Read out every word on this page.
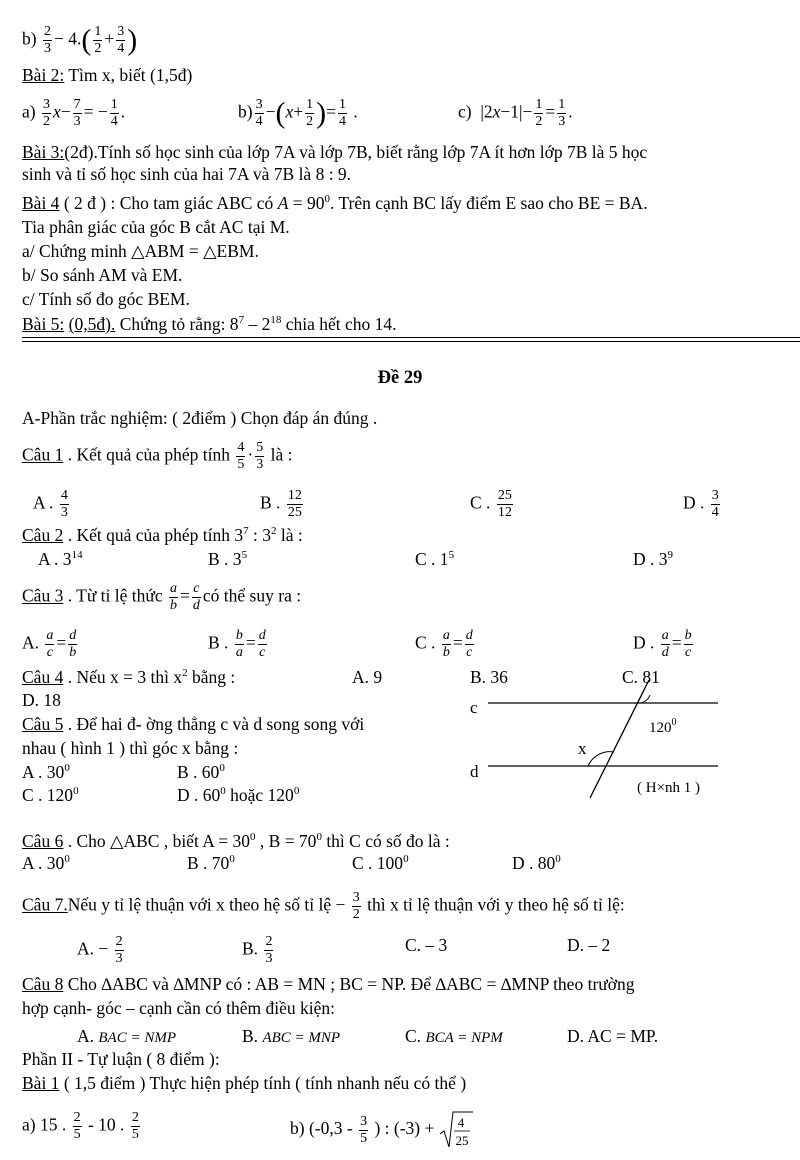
$b) \frac{2}{3} - 4.( \frac{1}{2} + \frac{3}{4}$ )
Bài 2: Tìm x, biết (1,5đ)
$a) \frac{3}{2} x- \frac{7}{3}$ = − $\frac{1}{4}$ .	$b) \frac{3}{4} -(x+ \frac{1}{2}$ )= $\frac{1}{4}$ .	c)  $|2x-1|- \frac{1}{2} = \frac{1}{3}$ .
Bài 3:(2đ).Tính số học sinh của lớp 7A và lớp 7B, biết rằng lớp 7A ít hơn lớp 7B là 5 học
sinh và tỉ số học sinh của hai 7A và 7B là 8 : 9.
Bài 4 ( 2 đ ) : Cho tam giác ABC có $A = 90^0$. Trên cạnh BC lấy điểm E sao cho BE = BA.
Tia phân giác của góc B cắt AC tại M.
a/ Chứng minh △ABM = △EBM.
b/ So sánh AM và EM.
c/ Tính số đo góc BEM.
Bài 5: (0,5đ). Chứng tỏ rằng: $8^7 - 2^{18}$ chia hết cho 14.
Đề 29
A-Phần trắc nghiệm: ( 2điểm ) Chọn đáp án đúng .
Câu 1 . Kết quả của phép tính $\frac{4}{5} \cdot \frac{5}{3}$ là :
A . $\frac{4}{3}$	B . $\frac{12}{25}$	C . $\frac{25}{12}$	D . $\frac{3}{4}$
Câu 2 . Kết quả của phép tính $3^7$ : $3^2$ là :
A . $3^{14}$	B . $3^5$	C . $1^5$	D . $3^9$
Câu 3 . Từ tỉ lệ thức $\frac{a}{b} = \frac{c}{d}$ có thể suy ra :
A. $\frac{a}{c} = \frac{d}{b}$	B . $\frac{b}{a} = \frac{d}{c}$	C . $\frac{a}{b} = \frac{d}{c}$	D . $\frac{a}{d} = \frac{b}{c}$
Câu 4 . Nếu x = 3 thì $x^2$ bằng :	A. 9	B. 36	C. 81
D. 18
Câu 5 . Để hai đ- ờng thẳng c và d song song với
nhau ( hình 1 ) thì góc x bằng :
A . $30^0$	B . $60^0$
C . $120^0$	D . $60^0$ hoặc $120^0$
c
d
x
$120^0$
( H×nh 1 )
Câu 6 . Cho △ABC , biết $A = 30^0$ , $B = 70^0$ thì C có số đo là :
A . $30^0$	B . $70^0$	C . $100^0$	D . $80^0$
Câu 7.Nếu y tỉ lệ thuận với x theo hệ số tỉ lệ − $\frac{3}{2}$ thì x tỉ lệ thuận với y theo hệ số tỉ lệ:
A. − $\frac{2}{3}$	B. $\frac{2}{3}$	C. – 3	D. – 2
Câu 8 Cho ∆ABC và ∆MNP có : AB = MN ; BC = NP. Để ∆ABC = ∆MNP theo trường
hợp cạnh- góc – cạnh cần có thêm điều kiện:
A. BAC = NMP	B. ABC = MNP	C. BCA = NPM	D. AC = MP.
Phần II - Tự luận ( 8 điểm ):
Bài 1 ( 1,5 điểm ) Thực hiện phép tính ( tính nhanh nếu có thể )
a) 15 . $\frac{2}{5} - 10$ . $\frac{2}{5}$	b) ($-0,3 - \frac{3}{5}$ ) : (-3) + 4
25
